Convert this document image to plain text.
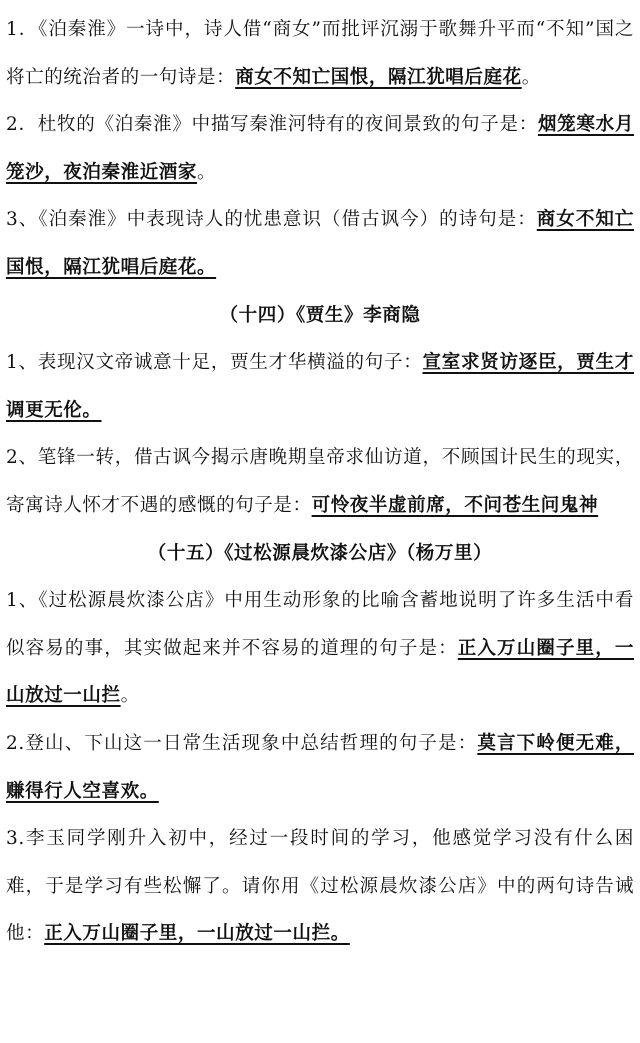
1．《泊秦淮》一诗中，诗人借“商女”而批评沉溺于歌舞升平而“不知”国之将亡的统治者的一句诗是：商女不知亡国恨，隔江犹唱后庭花。

2．杜牧的《泊秦淮》中描写秦淮河特有的夜间景致的句子是：烟笼寒水月笼沙，夜泊秦淮近酒家。

3、《泊秦淮》中表现诗人的忧患意识（借古讽今）的诗句是：商女不知亡国恨，隔江犹唱后庭花。

（十四）《贾生》李商隐

1、表现汉文帝诚意十足，贾生才华横溢的句子：宣室求贤访逐臣，贾生才调更无伦。

2、笔锋一转，借古讽今揭示唐晚期皇帝求仙访道，不顾国计民生的现实，寄寓诗人怀才不遇的感慨的句子是：可怜夜半虚前席，不问苍生问鬼神

（十五）《过松源晨炊漆公店》（杨万里）

1、《过松源晨炊漆公店》中用生动形象的比喻含蓄地说明了许多生活中看似容易的事，其实做起来并不容易的道理的句子是：正入万山圈子里，一山放过一山拦。

2.登山、下山这一日常生活现象中总结哲理的句子是：莫言下岭便无难，赚得行人空喜欢。

3.李玉同学刚升入初中，经过一段时间的学习，他感觉学习没有什么困难，于是学习有些松懈了。请你用《过松源晨炊漆公店》中的两句诗告诫他：正入万山圈子里，一山放过一山拦。
